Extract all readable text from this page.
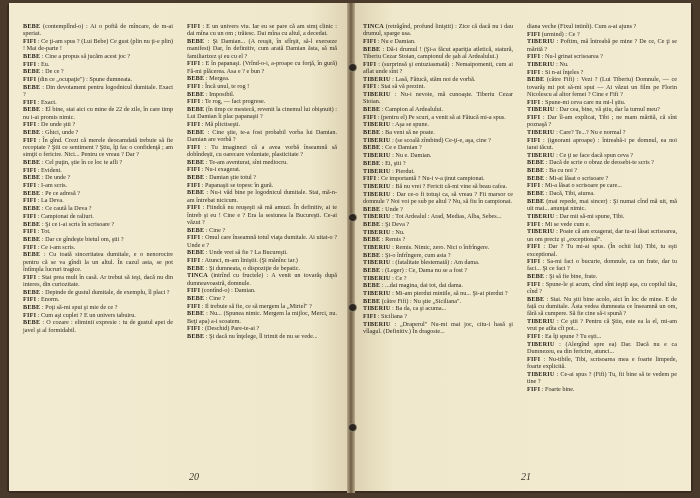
BEBE (contemplînd-o) : Ai o poftă de mîncare, de m-ai speriat.

FIFI : Ce ţi-am spus ? (Lui Bebe) Ce gust (plin nu ţi-e plin) ! Mai de-parte !

BEBE : Cine a propus să jucăm acest joc ?

FIFI : Eu.

BEBE : De ce ?

FIFI (din ce „ocupaţie") : Spune dumneata.

BEBE : Din devotament pentru logodnicul dumitale. Exact ?

FIFI : Exact.

BEBE : El bine, stai aici cu mine de 22 de zile, în care timp nu i-ai promis nimic.

FIFI : De unde ştii ?

BEBE : Ghici, unde ?

FIFI : În gînd. Crezi că merele deocamdată trebuie să fie recoptate ? Ştii ce sentiment ? Ştiu, îţi fac o confidenţă ; am simţit o fericire. Nici... Pentru ce vreau ? Dar ?

BEBE : Cel puţin, ştie în ce loc te afli ?

FIFI : Evident.

BEBE : De unde ?

FIFI : I-am scris.

BEBE : Pe ce adresă ?

FIFI : La Deva.

BEBE : Ce caută la Deva ?

FIFI : Campionat de raliuri.

BEBE : Şi ce i-ai scris în scrisoare ?

FIFI : Tot.

BEBE : Dar ce gîndeşte bietul om, ştii ?

FIFI : Ce i-am scris.

BEBE : Cu toată sinceritatea dumitale, e o nenorocire pentru că se va gîndi la un altul. În cazul asta, se pot întîmpla lucruri tragice.

FIFI : Stai prea mult în casă. Ar trebui să ieşi, dacă nu din interes, din curiozitate.

BEBE : Depinde de gustul dumitale, de exemplu, îl placi ?

FIFI : Enorm.

BEBE : Poţi să-mi spui şi mie de ce ?

FIFI : Cum aşi cuplet ? E un univers tabuiru.

BEBE : O cozare : eliminii expresie : tu de gustul apei de javel şi al formidabil.

FIFI : E un univers viu. Iar eu se pare că am simţ clinic : dai mîna cu un om ; trăiesc. Dai mîna cu altul, a decedat.

BEBE : Şi Damian... (A reuşit, în sfîrşit, să-l exerseze manifest) Dar, în definitiv, cum arată Damian ăsta, să mă familiarizez şi eu cu el ?

FIFI : E în papanaşi. (Vrînd-o-i, a-proape cu forţă, în gură) Fă-mi plăcerea. Asa e ? e bun ?

BEBE : Mergea.

FIFI : Încă unul, te rog !

BEBE : Imposibil.

FIFI : Te rog, — fact progrese.

BEBE (în timp ce mestecă, revenit la cinemul lui obişnuit) : Lui Damian îi plac papanaşii ?

FIFI : Mă plictiseşti.

BEBE : Cine ştie, te-a fost probabil vorba lui Damian. Damian are vorbă ?

FIFI : Tu imaginezi că a avea vorbă înseamnă să dobîndeşti, cu oarecare voluntate, plasticitate ?

BEBE : Te-am aventurat, sînt mediocru.

FIFI : Nu-i exagerat.

BEBE : Damian ştie totul ?

FIFI : Papanaşii se topesc în gură.

BEBE : Nu-i văd bine pe logodnicul dumitale. Stai, mă-n-am întrebat nicicum.

FIFI : Fiindcă nu reuşeşti să mă amuzi. În definitiv, ai te întreb şi eu ! Cine e ? Era la sesiunea la Bucureşti. Ce-ai văzut ?

BEBE : Cine ?

FIFI : Omul care înseamnă totul viaţa dumitale. Ai uitat-o ? Unde e ?

BEBE : Unde vrei să fie ? La Bucureşti.

FIFI : Atunci, m-am liniştit. (Şi mănînc iar.)

BEBE : Şi dumneata, o dispoziţie de bepatic.

TINCA (intrînd cu fructele) : A venit un tovarăş după dumneavoastră, domnule.

FIFI (contînd-o) : Damian.

BEBE : Cine ?

FIFI : Il trebuie să fie, ce să mergem la „Miriel" ?

BEBE : Nu... (Spunea nimic. Mergem la mijloc, Merci, nu. Beţi apa) a-i scoatem.

FIFI : (Deschid) Pare-te-ai ?

BEBE : Şi dacă nu înţelege, îl trimit de nu se vede...

20

TINCA (retrăgînd, profund liniştit) : Zice că dacă nu i dau drumul, sparge usa.

FIFI : Nu e Damian.

BEBE : Dă-i drumul ! (Şi-a făcut apariţia atletică, statură, Tiberiu Cezar Stoian, campionul de şah al Ardealului.)

FIFI : (surprinsă şi entuziasmată) : Nemaipomenit, cum ai aflat unde sînt ?

TIBERIU : Lasă, Fătucă, stăm noi de vorbă.

FIFI : Stai să vă prezint.

TIBERIU : Nu-i nevoie, mă cunoaşte. Tiberiu Cezar Stoian.

BEBE : Campion al Ardealului.

FIFI : (pentru el) Pe scurt, a venit să ai Fătucă mi-a spus.

TIBERIU : Aşa se spune.

BEBE : Ba veni să ne poate.

TIBERIU : (se scoală zîmbind) Ce-ţi-e, aşa, cine ?

BEBE : Ce e Damian ?

TIBERIU : Nu e. Damian.

BEBE : Ei, ştii ?

TIBERIU : Pierdut.

FIFI : Ce importantă ? Nu-i v-a ţinut campionat.

TIBERIU : Bă nu vrei ? Fericit că-mi vine să beau cafea.

TIBERIU : Dar ce-o fi totuşi ca, să vreau ? Fii marsor ce domnule ? Noi voi pe sub pe altul ? Nu, să fiu în campionat.

BEBE : Unde ?

TIBERIU : Tot Ardealul : Arad, Medias, Alba, Sebes...

BEBE : Şi Deva ?

TIBERIU : Nu.

BEBE : Remis ?

TIBERIU : Remis. Nimic, zero. Nici o înfrîngere.

BEBE : Şi-o înfrîngere, cum asta ?

TIBERIU : (fatalitate blestemată) : Am dama.

BEBE : (Leger) : Ce, Dama nu se a fost ?

TIBERIU : Ce ?

BEBE : ...dai magina, dai tot, dai dama.

TIBERIU : Mi-am pierdut mintile, să nu... Şi-ai pierdut ?

BEBE (către Fifi) : Nu ştie „Siciliana".

TIBERIU : Ba da, ca şi acuma...

FIFI : Siciliana ?

TIBERIU : „Draperul" Nu-mi mai joc, citu-i hasă şi vîlagul. (Definitiv.) În dragoste...

diana veche (Fixul intinît). Cum a-ai ajuns ?

FIFI (urmind) : Ce ?

TIBERIU : Poftim, mă întreabă pe mine ? De ce, Ce ţi se mărită ?

FIFI : Nu-l grinat scrisoarea ?

TIBERIU : Nu.

FIFI : Si n-ai înţeles ?

BEBE (către Fifi) : Vezi ? (Lui Tiberiu) Domnule, — ce tovarăş mi pot să-mi spui — Ai văzut un film pe Florin Nicolescu al altor femei ? Cine e Fifi ?

FIFI : Spune-mi ceva care nu mi-l ştiu.

TIBERIU : Dar cea, bine, vă ştiu, dar la turnul meu?

FIFI : Dar îl-am explicat, Tibi ; ne mam mărită, că sînt poznaşă ?

TIBERIU : Care? Te...? Nu e normal ?

FIFI : (ignorant aproape) : întreabă-i pe domnul, ea noi iarai tăcut.

TIBERIU : Ce ţi se face dacă spun ceva ?

BEBE : Dacă de scrie o obraz de deosebi-te scris ?

BEBE : Ba cu noi ?

BEBE : Mi-ai lăsat o scrisoare ?

FIFI : Mi-a lăsat o scrisoare pe care...

BEBE : Dacă, Tibi, aiurea.

BEBE (mai repede, mai sincer) : Şi numai cînd mă uit, mă uit mai... anunţat nimic.

TIBERIU : Dar mii să-mi spune, Tibi.

FIFI : Mi se vede cum e.

TIBERIU : Poate că am exagerat, dar tu-ai lăsat scrisoarea, un om preciz şi „exceptional".

FIFI : Dar ? Tu mi-ai spus. (În ochii lui) Tibi, tu eşti exceptional.

FIFI : Sa-mi faci o bucurie, domnule, ca un frate, dar tu faci... Şi ce faci ?

BEBE : Şi să fie bine, frate.

FIFI : Spune-le şi acum, cînd sînt ieşiţi aşa, cu copilul tău, cînd ?

BEBE : Stai. Nu ştii bine acolo, aici în loc de mine. E de față cu dumitale. Ăsta vedea dumneata ce înseamnă un om, fără să cumpere. Să fie cine să-i spună ?

TIBERIU : Ce ştii ? Pentru că Ştiu, este ea la el, mi-am vrut pe atîta cît pot...

FIFI : Ea îţi spune ? Tu eşti...

TIBERIU : (Alergînd spre ea) Dar. Dacă nu e ca Dumnezeu, ea din fericire, atunci...

FIFI : Nu-tibile, Tibi, scrisoarea mea e foarte limpede, foarte explicită.

TIBERIU : Ce-ai spus ? (Fifi) Tu, fii bine să te vedem pe tine ?

FIFI : Foarte bine.

21
